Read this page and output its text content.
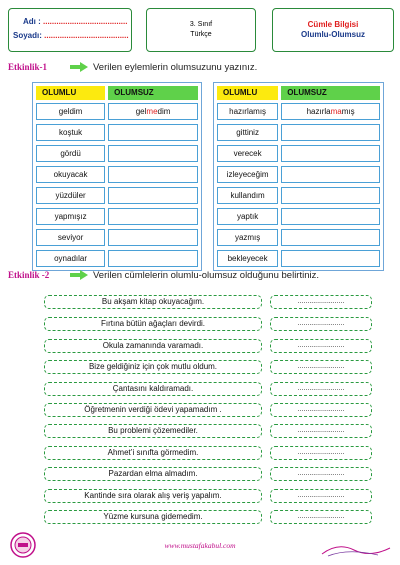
Adı : ......................................
Soyadı: ......................................
3. Sınıf
Türkçe
Cümle Bilgisi
Olumlu-Olumsuz
Etkinlik-1	Verilen eylemlerin olumsuzunu yazınız.
OLUMLU	OLUMSUZ
geldim	gelmedim
koştuk
gördü
okuyacak
yüzdüler
yapmışız
seviyor
oynadılar
OLUMLU	OLUMSUZ
hazırlamış	hazırlamamış
gittiniz
verecek
izleyeceğim
kullandım
yaptık
yazmış
bekleyecek
Etkinlik -2	Verilen cümlelerin olumlu-olumsuz olduğunu belirtiniz.
Bu akşam kitap okuyacağım.	........................
Fırtına bütün ağaçları devirdi.	........................
Okula zamanında varamadı.	........................
Bize geldiğiniz için çok mutlu oldum.	........................
Çantasını kaldıramadı.	........................
Öğretmenin verdiği ödevi yapamadım .	........................
Bu problemi çözemediler.	........................
Ahmet’i sınıfta görmedim.	........................
Pazardan elma almadım.	........................
Kantinde sıra olarak alış veriş yapalım.	........................
Yüzme kursuna gidemedim.	........................
www.mustafakabul.com
